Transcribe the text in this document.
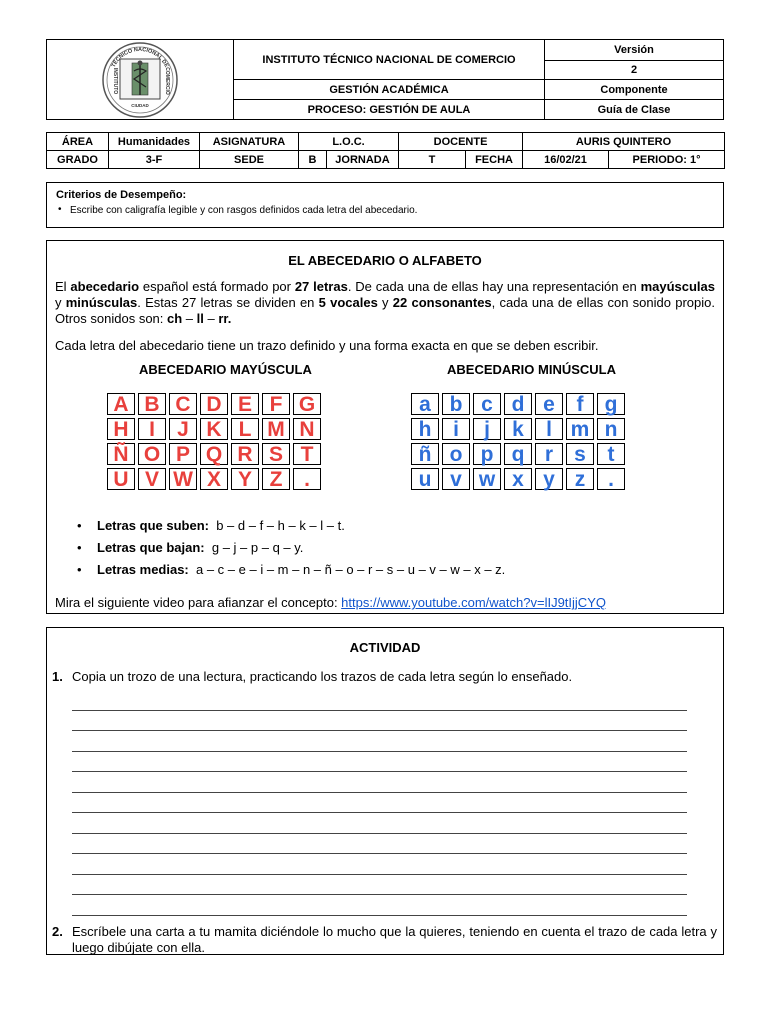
TÉCNICO NACIONAL DE
INSTITUTO COMERCIO
CIUDAD	INSTITUTO TÉCNICO NACIONAL DE COMERCIO	Versión
		2
	GESTIÓN ACADÉMICA	Componente
	PROCESO: GESTIÓN DE AULA	Guía de Clase
ÁREA	Humanidades	ASIGNATURA	L.O.C.		DOCENTE		AURIS QUINTERO	
GRADO	3-F	SEDE	B	JORNADA	T	FECHA	16/02/21	PERIODO: 1°
Criterios de Desempeño:
• Escribe con caligrafía legible y con rasgos definidos cada letra del abecedario.
EL ABECEDARIO O ALFABETO

El abecedario español está formado por 27 letras. De cada una de ellas hay una representación en mayúsculas y minúsculas. Estas 27 letras se dividen en 5 vocales y 22 consonantes, cada una de ellas con sonido propio. Otros sonidos son: ch – ll – rr.

Cada letra del abecedario tiene un trazo definido y una forma exacta en que se deben escribir.

ABECEDARIO MAYÚSCULA	ABECEDARIO MINÚSCULA
A B C D E F G
H I	J K L M N
Ñ O P Q R S T
U V W X Y Z	.
a b c d e	f	g
h	i	j	k	l m n
ñ o p q r	s	t
u v w x y z	.
• Letras que suben: b – d – f – h – k – l – t.
• Letras que bajan: g – j – p – q – y.
• Letras medias: a – c – e – i – m – n – ñ – o – r – s – u – v – w – x – z.
Mira el siguiente video para afianzar el concepto: https://www.youtube.com/watch?v=lIJ9tIjjCYQ
ACTIVIDAD
1. Copia un trozo de una lectura, practicando los trazos de cada letra según lo enseñado.
2. Escríbele una carta a tu mamita diciéndole lo mucho que la quieres, teniendo en cuenta el trazo de cada letra y luego dibújate con ella.
